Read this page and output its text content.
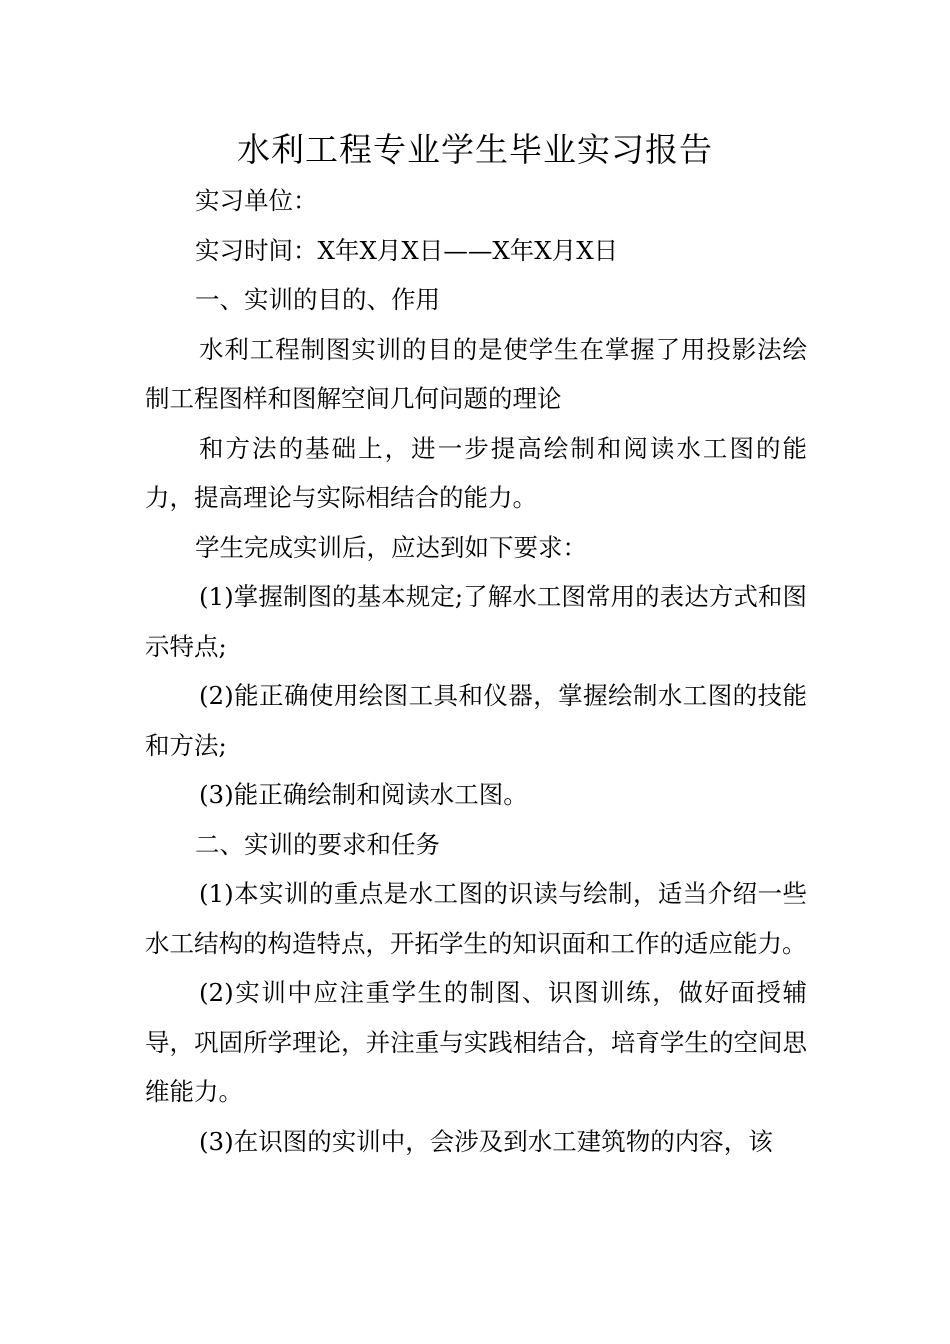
水利工程专业学生毕业实习报告

实习单位：

实习时间：X年X月X日——X年X月X日

一、实训的目的、作用

水利工程制图实训的目的是使学生在掌握了用投影法绘制工程图样和图解空间几何问题的理论

和方法的基础上，进一步提高绘制和阅读水工图的能力，提高理论与实际相结合的能力。

学生完成实训后，应达到如下要求：

(1)掌握制图的基本规定;了解水工图常用的表达方式和图示特点;

(2)能正确使用绘图工具和仪器，掌握绘制水工图的技能和方法;

(3)能正确绘制和阅读水工图。

二、实训的要求和任务

(1)本实训的重点是水工图的识读与绘制，适当介绍一些水工结构的构造特点，开拓学生的知识面和工作的适应能力。

(2)实训中应注重学生的制图、识图训练，做好面授辅导，巩固所学理论，并注重与实践相结合，培育学生的空间思维能力。

(3)在识图的实训中，会涉及到水工建筑物的内容，该
